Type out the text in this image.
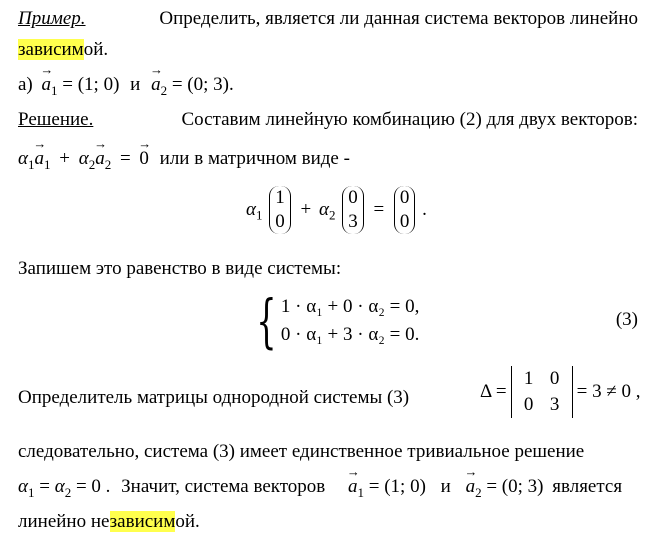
Пример.	Определить, является ли данная система векторов линейно
зависимой.
$а) \to a_1 = (1$; 0) $и \to a_2 = (0$; 3).
Решение.	Составим линейную комбинацию (2) для двух векторов:
$\alpha_1\to a_1 + \alpha_2\to a_2$ = → 0 или в матричном виде -
$\alpha_1$
1
0
+ $\alpha_2$
0
3
=
0
0
.
Запишем это равенство в виде системы:
{ 1 · α₁ + 0 · α₂ = 0,
0 · α₁ + 3 · α₂ = 0.
(3)
Определитель матрицы однородной системы (3)	Δ =
1 0
0 3
= 3 ≠ 0 ,
следовательно, система (3) имеет единственное тривиальное решение
$\alpha_1 = \alpha_2 = 0$ . Значит, система векторов → $a_1 = (1$; 0) $и \to a_2 = (0$; 3) является
линейно независимой.
